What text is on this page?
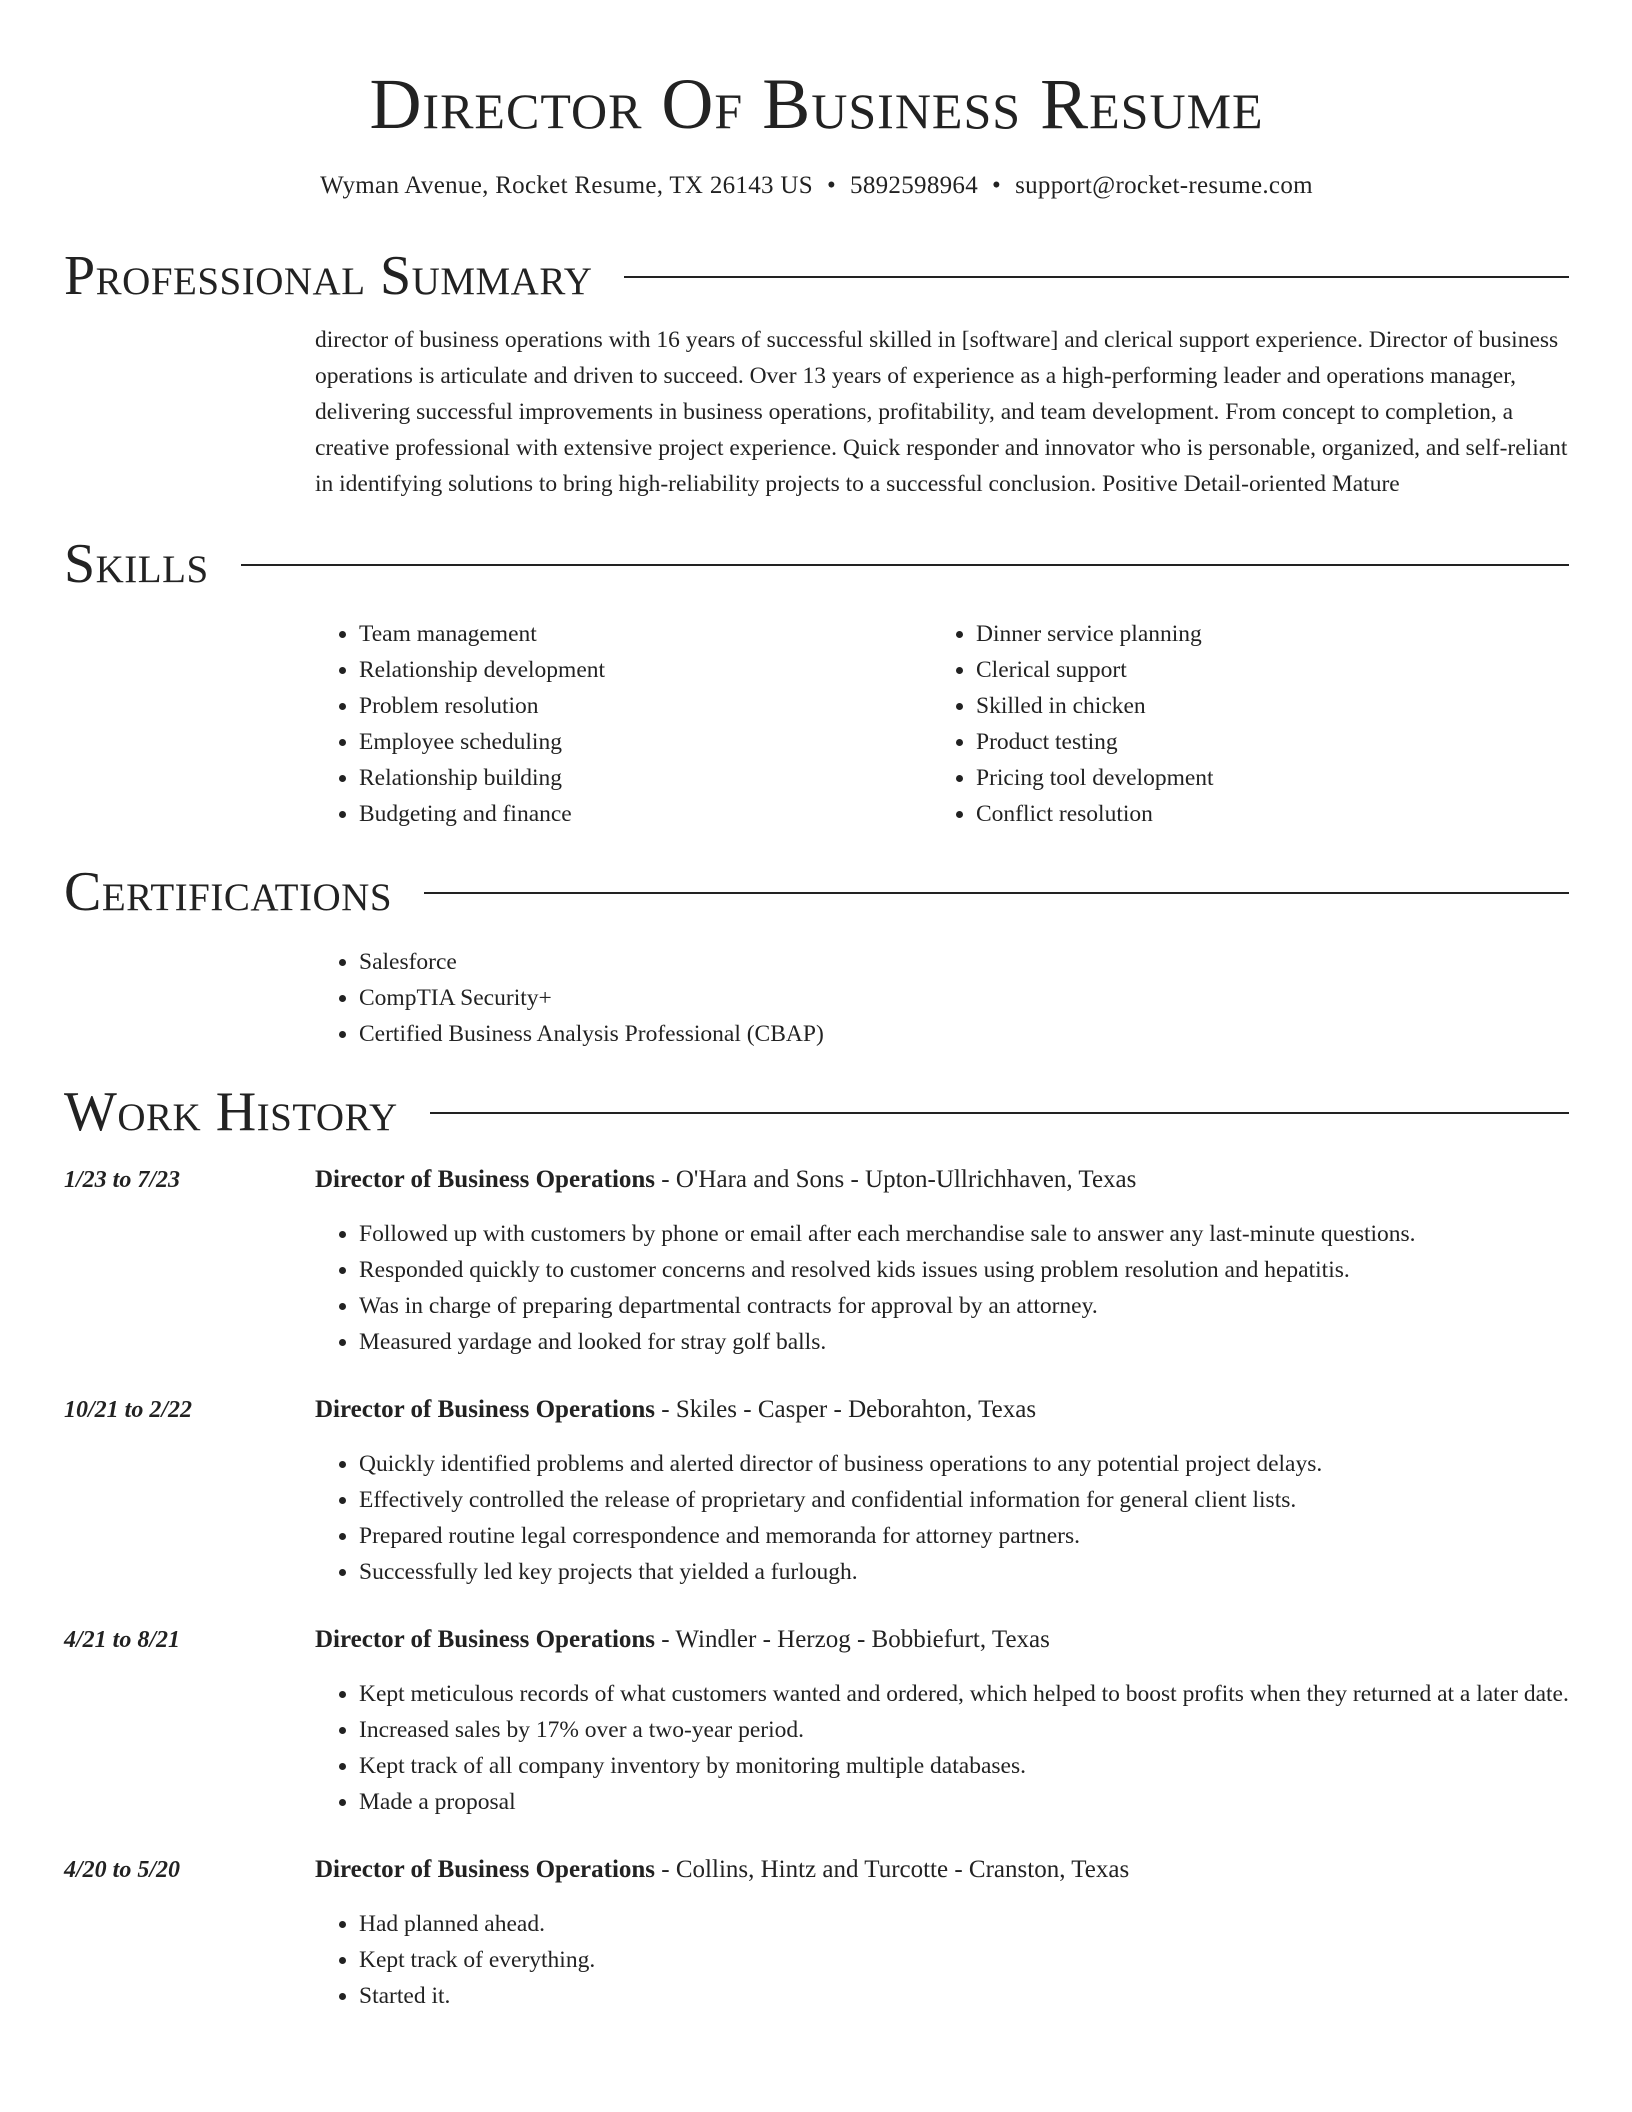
Director Of Business Resume
Wyman Avenue, Rocket Resume, TX 26143 US • 5892598964 • support@rocket-resume.com
Professional Summary

director of business operations with 16 years of successful skilled in [software] and clerical support experience. Director of business operations is articulate and driven to succeed. Over 13 years of experience as a high-performing leader and operations manager, delivering successful improvements in business operations, profitability, and team development. From concept to completion, a creative professional with extensive project experience. Quick responder and innovator who is personable, organized, and self-reliant in identifying solutions to bring high-reliability projects to a successful conclusion. Positive Detail-oriented Mature

Skills
• Team management
• Relationship development
• Problem resolution
• Employee scheduling
• Relationship building
• Budgeting and finance
• Dinner service planning
• Clerical support
• Skilled in chicken
• Product testing
• Pricing tool development
• Conflict resolution
Certifications
• Salesforce
• CompTIA Security+
• Certified Business Analysis Professional (CBAP)
Work History
1/23 to 7/23	Director of Business Operations - O'Hara and Sons - Upton-Ullrichhaven, Texas
• Followed up with customers by phone or email after each merchandise sale to answer any last-minute questions.
• Responded quickly to customer concerns and resolved kids issues using problem resolution and hepatitis.
• Was in charge of preparing departmental contracts for approval by an attorney.
• Measured yardage and looked for stray golf balls.
10/21 to 2/22	Director of Business Operations - Skiles - Casper - Deborahton, Texas
• Quickly identified problems and alerted director of business operations to any potential project delays.
• Effectively controlled the release of proprietary and confidential information for general client lists.
• Prepared routine legal correspondence and memoranda for attorney partners.
• Successfully led key projects that yielded a furlough.
4/21 to 8/21	Director of Business Operations - Windler - Herzog - Bobbiefurt, Texas
• Kept meticulous records of what customers wanted and ordered, which helped to boost profits when they returned at a later date.
• Increased sales by 17% over a two-year period.
• Kept track of all company inventory by monitoring multiple databases.
• Made a proposal
4/20 to 5/20	Director of Business Operations - Collins, Hintz and Turcotte - Cranston, Texas
• Had planned ahead.
• Kept track of everything.
• Started it.
